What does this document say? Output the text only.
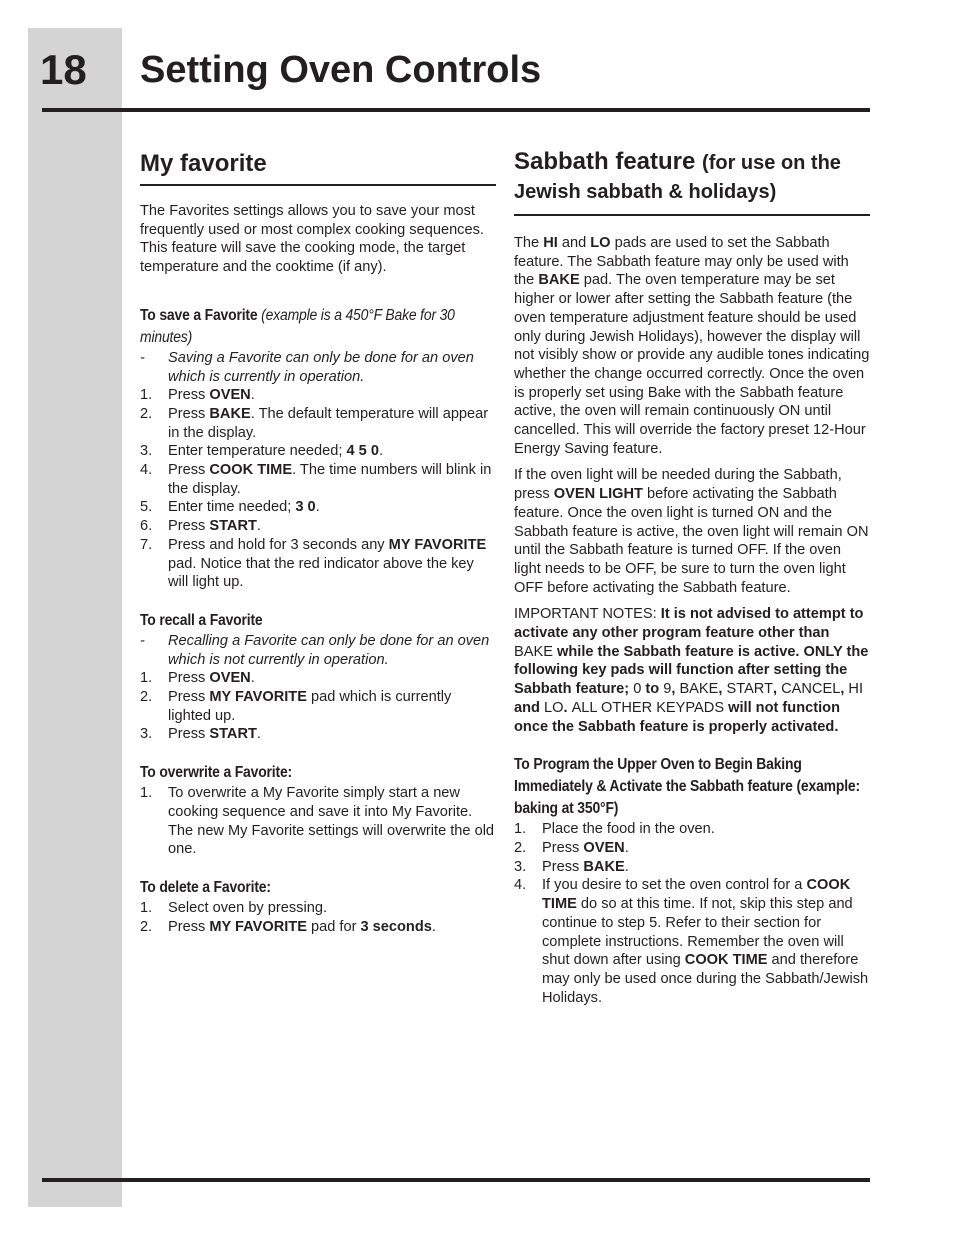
18	Setting Oven Controls
My favorite

The Favorites settings allows you to save your most frequently used or most complex cooking sequences. This feature will save the cooking mode, the target temperature and the cooktime (if any).

To save a Favorite (example is a 450°F Bake for 30 minutes)

- Saving a Favorite can only be done for an oven which is currently in operation.

1. Press OVEN.
2. Press BAKE. The default temperature will appear in the display.
3. Enter temperature needed; 4 5 0.
4. Press COOK TIME. The time numbers will blink in the display.
5. Enter time needed; 3 0.
6. Press START.
7. Press and hold for 3 seconds any MY FAVORITE pad. Notice that the red indicator above the key will light up.
To recall a Favorite

- Recalling a Favorite can only be done for an oven which is not currently in operation.

1. Press OVEN.
2. Press MY FAVORITE pad which is currently lighted up.
3. Press START.
To overwrite a Favorite:
1. To overwrite a My Favorite simply start a new cooking sequence and save it into My Favorite. The new My Favorite settings will overwrite the old one.
To delete a Favorite:
1. Select oven by pressing.
2. Press MY FAVORITE pad for 3 seconds.
Sabbath feature (for use on the Jewish sabbath & holidays)

The HI and LO pads are used to set the Sabbath feature. The Sabbath feature may only be used with the BAKE pad. The oven temperature may be set higher or lower after setting the Sabbath feature (the oven temperature adjustment feature should be used only during Jewish Holidays), however the display will not visibly show or provide any audible tones indicating whether the change occurred correctly. Once the oven is properly set using Bake with the Sabbath feature active, the oven will remain continuously ON until cancelled. This will override the factory preset 12-Hour Energy Saving feature.

If the oven light will be needed during the Sabbath, press OVEN LIGHT before activating the Sabbath feature. Once the oven light is turned ON and the Sabbath feature is active, the oven light will remain ON until the Sabbath feature is turned OFF. If the oven light needs to be OFF, be sure to turn the oven light OFF before activating the Sabbath feature.

IMPORTANT NOTES: It is not advised to attempt to activate any other program feature other than BAKE while the Sabbath feature is active. ONLY the following key pads will function after setting the Sabbath feature; 0 to 9, BAKE, START, CANCEL, HI and LO. ALL OTHER KEYPADS will not function once the Sabbath feature is properly activated.

To Program the Upper Oven to Begin Baking Immediately & Activate the Sabbath feature (example: baking at 350°F)
1. Place the food in the oven.
2. Press OVEN.
3. Press BAKE.
4. If you desire to set the oven control for a COOK TIME do so at this time. If not, skip this step and continue to step 5. Refer to their section for complete instructions. Remember the oven will shut down after using COOK TIME and therefore may only be used once during the Sabbath/Jewish Holidays.
